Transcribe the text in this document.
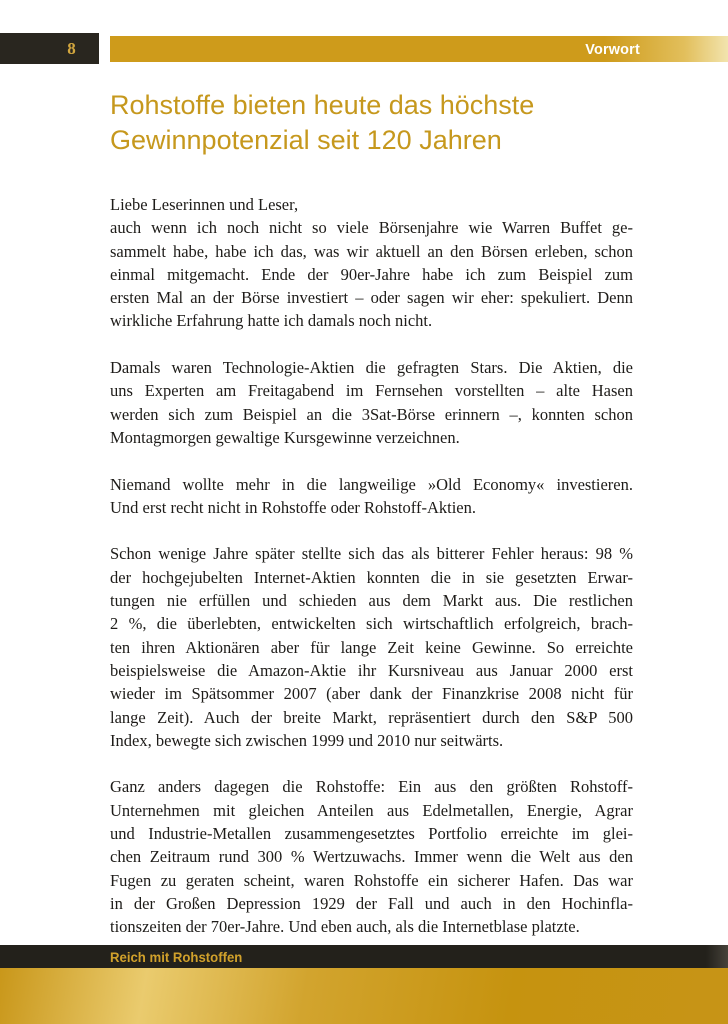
8	Vorwort
Rohstoffe bieten heute das höchste
Gewinnpotenzial seit 120 Jahren
Liebe Leserinnen und Leser,
auch wenn ich noch nicht so viele Börsenjahre wie Warren Buffet ge-
sammelt habe, habe ich das, was wir aktuell an den Börsen erleben, schon
einmal mitgemacht. Ende der 90er-Jahre habe ich zum Beispiel zum
ersten Mal an der Börse investiert – oder sagen wir eher: spekuliert. Denn
wirkliche Erfahrung hatte ich damals noch nicht.
Damals waren Technologie-Aktien die gefragten Stars. Die Aktien, die
uns Experten am Freitagabend im Fernsehen vorstellten – alte Hasen
werden sich zum Beispiel an die 3Sat-Börse erinnern –, konnten schon
Montagmorgen gewaltige Kursgewinne verzeichnen.
Niemand wollte mehr in die langweilige »Old Economy« investieren.
Und erst recht nicht in Rohstoffe oder Rohstoff-Aktien.
Schon wenige Jahre später stellte sich das als bitterer Fehler heraus: 98 %
der hochgejubelten Internet-Aktien konnten die in sie gesetzten Erwar-
tungen nie erfüllen und schieden aus dem Markt aus. Die restlichen
2 %, die überlebten, entwickelten sich wirtschaftlich erfolgreich, brach-
ten ihren Aktionären aber für lange Zeit keine Gewinne. So erreichte
beispielsweise die Amazon-Aktie ihr Kursniveau aus Januar 2000 erst
wieder im Spätsommer 2007 (aber dank der Finanzkrise 2008 nicht für
lange Zeit). Auch der breite Markt, repräsentiert durch den S&P 500
Index, bewegte sich zwischen 1999 und 2010 nur seitwärts.
Ganz anders dagegen die Rohstoffe: Ein aus den größten Rohstoff-
Unternehmen mit gleichen Anteilen aus Edelmetallen, Energie, Agrar
und Industrie-Metallen zusammengesetztes Portfolio erreichte im glei-
chen Zeitraum rund 300 % Wertzuwachs. Immer wenn die Welt aus den
Fugen zu geraten scheint, waren Rohstoffe ein sicherer Hafen. Das war
in der Großen Depression 1929 der Fall und auch in den Hochinfla-
tionszeiten der 70er-Jahre. Und eben auch, als die Internetblase platzte.
Reich mit Rohstoffen
